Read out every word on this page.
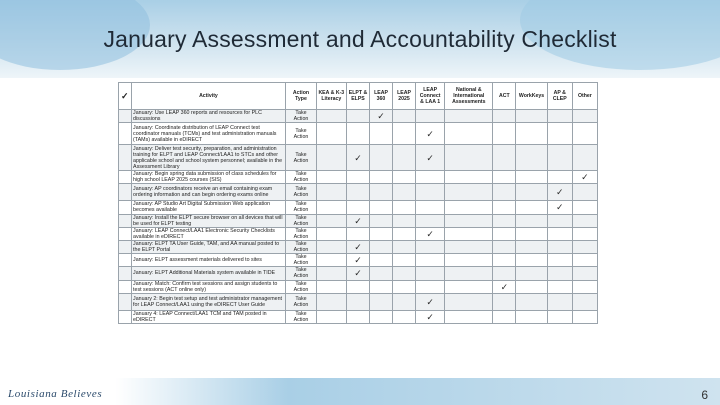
January Assessment and Accountability Checklist
✓	Activity	Action Type	KEA & K-3 Literacy	ELPT & ELPS	LEAP 360	LEAP 2025	LEAP Connect & LAA 1	National & International Assessments	ACT	WorkKeys	AP & CLEP	Other
	January: Use LEAP 360 reports and resources for PLC discussions	Take Action			✓							
	January: Coordinate distribution of LEAP Connect test coordinator manuals (TCMs) and test administration manuals (TAMs) available in eDIRECT	Take Action					✓					
	January: Deliver test security, preparation, and administration training for ELPT and LEAP Connect/LAA1 to STCs and other applicable school and school system personnel; available in the Assessment Library	Take Action		✓			✓					
	January: Begin spring data submission of class schedules for high school LEAP 2025 courses (SIS)	Take Action										✓
	January: AP coordinators receive an email containing exam ordering information and can begin ordering exams online	Take Action									✓	
	January: AP Studio Art Digital Submission Web application becomes available	Take Action									✓	
	January: Install the ELPT secure browser on all devices that will be used for ELPT testing	Take Action		✓								
	January: LEAP Connect/LAA1 Electronic Security Checklists available in eDIRECT	Take Action					✓					
	January: ELPT TA User Guide, TAM, and AA manual posted to the ELPT Portal	Take Action		✓								
	January: ELPT assessment materials delivered to sites	Take Action		✓								
	January: ELPT Additional Materials system available in TIDE	Take Action		✓								
	January: Match: Confirm test sessions and assign students to test sessions (ACT online only)	Take Action							✓			
	January 2: Begin test setup and test administrator management for LEAP Connect/LAA1 using the eDIRECT User Guide	Take Action					✓					
	January 4: LEAP Connect/LAA1 TCM and TAM posted in eDIRECT	Take Action					✓					
Louisiana Believes	6
